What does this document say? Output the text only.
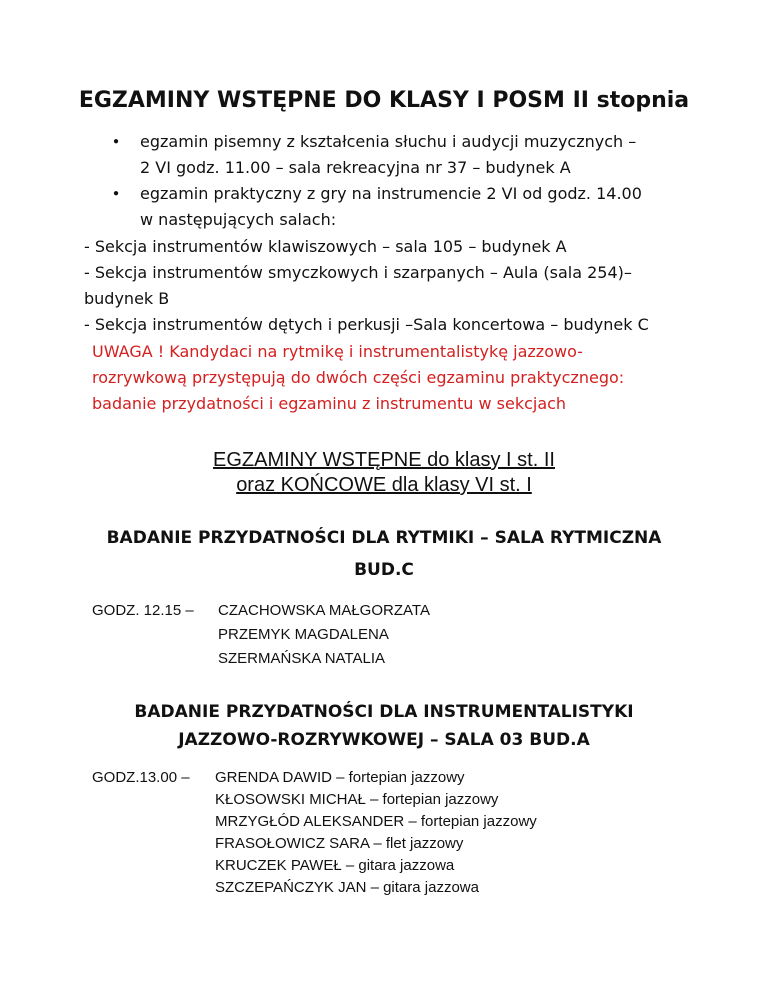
EGZAMINY WSTĘPNE DO KLASY I POSM II stopnia
● egzamin pisemny z kształcenia słuchu i audycji muzycznych –
2 VI godz. 11.00 – sala rekreacyjna nr 37 – budynek A
● egzamin praktyczny z gry na instrumencie 2 VI od godz. 14.00
w następujących salach:
- Sekcja instrumentów klawiszowych – sala 105 – budynek A
- Sekcja instrumentów smyczkowych i szarpanych – Aula (sala 254)–
budynek B
- Sekcja instrumentów dętych i perkusji –Sala koncertowa – budynek C
UWAGA ! Kandydaci na rytmikę i instrumentalistykę jazzowo-
rozrywkową przystępują do dwóch części egzaminu praktycznego:
badanie przydatności i egzaminu z instrumentu w sekcjach
EGZAMINY WSTĘPNE do klasy I st. II
oraz KOŃCOWE dla klasy VI st. I
BADANIE PRZYDATNOŚCI DLA RYTMIKI – SALA RYTMICZNA
BUD.C
GODZ. 12.15 – CZACHOWSKA MAŁGORZATA
PRZEMYK MAGDALENA
SZERMAŃSKA NATALIA
BADANIE PRZYDATNOŚCI DLA INSTRUMENTALISTYKI
JAZZOWO-ROZRYWKOWEJ – SALA 03 BUD.A
GODZ.13.00 – GRENDA DAWID – fortepian jazzowy
KŁOSOWSKI MICHAŁ – fortepian jazzowy
MRZYGŁÓD ALEKSANDER – fortepian jazzowy
FRASOŁOWICZ SARA – flet jazzowy
KRUCZEK PAWEŁ – gitara jazzowa
SZCZEPAŃCZYK JAN – gitara jazzowa
